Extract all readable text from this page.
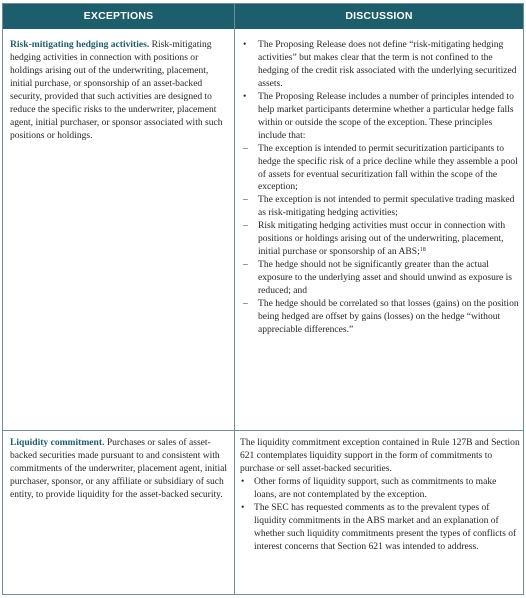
EXCEPTIONS	DISCUSSION
Risk-mitigating hedging activities. Risk-mitigating hedging activities in connection with positions or holdings arising out of the underwriting, placement, initial purchase, or sponsorship of an asset-backed security, provided that such activities are designed to reduce the specific risks to the underwriter, placement agent, initial purchaser, or sponsor associated with such positions or holdings.
• The Proposing Release does not define “risk-mitigating hedging activities” but makes clear that the term is not confined to the hedging of the credit risk associated with the underlying securitized assets.
• The Proposing Release includes a number of principles intended to help market participants determine whether a particular hedge falls within or outside the scope of the exception. These principles include that:
– The exception is intended to permit securitization participants to hedge the specific risk of a price decline while they assemble a pool of assets for eventual securitization fall within the scope of the exception;
– The exception is not intended to permit speculative trading masked as risk-mitigating hedging activities;
– Risk mitigating hedging activities must occur in connection with positions or holdings arising out of the underwriting, placement, initial purchase or sponsorship of an ABS;$^{18}$
– The hedge should not be significantly greater than the actual exposure to the underlying asset and should unwind as exposure is reduced; and
– The hedge should be correlated so that losses (gains) on the position being hedged are offset by gains (losses) on the hedge “without appreciable differences.”
Liquidity commitment. Purchases or sales of asset-backed securities made pursuant to and consistent with commitments of the underwriter, placement agent, initial purchaser, sponsor, or any affiliate or subsidiary of such entity, to provide liquidity for the asset-backed security.
The liquidity commitment exception contained in Rule 127B and Section 621 contemplates liquidity support in the form of commitments to purchase or sell asset-backed securities.
• Other forms of liquidity support, such as commitments to make loans, are not contemplated by the exception.
• The SEC has requested comments as to the prevalent types of liquidity commitments in the ABS market and an explanation of whether such liquidity commitments present the types of conflicts of interest concerns that Section 621 was intended to address.
